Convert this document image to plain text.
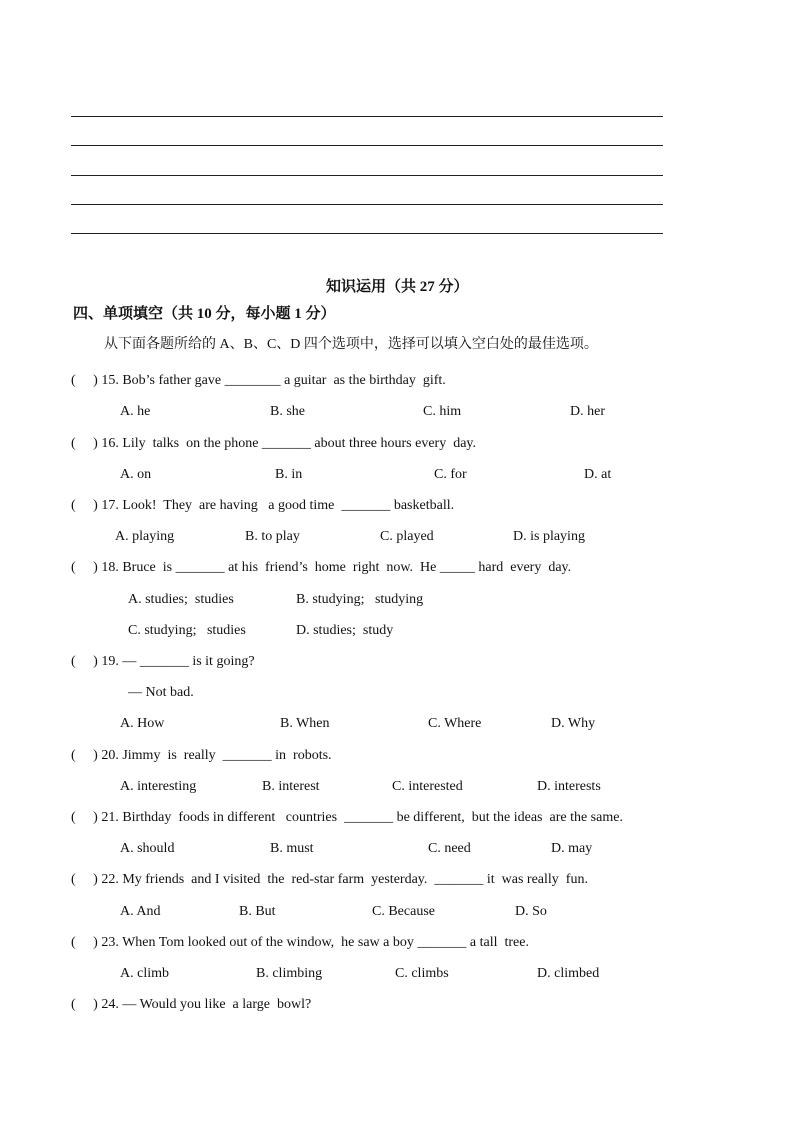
知识运用（共 27 分）
四、单项填空（共 10 分，每小题 1 分）
从下面各题所给的 A、B、C、D 四个选项中，选择可以填入空白处的最佳选项。
(     ) 15. Bob’s father gave ________ a guitar  as the birthday  gift.
A. he	B. she	C. him	D. her
(     ) 16. Lily  talks  on the phone _______ about three hours every  day.
A. on	B. in	C. for	D. at
(     ) 17. Look!  They  are having   a good time  _______ basketball.
A. playing	B. to play	C. played	D. is playing
(     ) 18. Bruce  is _______ at his  friend’s  home  right  now.  He _____ hard  every  day.
A. studies;  studies	B. studying;   studying
C. studying;   studies	D. studies;  study
(     ) 19. — _______ is it going?
— Not bad.
A. How	B. When	C. Where	D. Why
(     ) 20. Jimmy  is  really  _______ in  robots.
A. interesting	B. interest	C. interested	D. interests
(     ) 21. Birthday  foods in different   countries  _______ be different,  but the ideas  are the same.
A. should	B. must	C. need	D. may
(     ) 22. My friends  and I visited  the  red-star farm  yesterday.  _______ it  was really  fun.
A. And	B. But	C. Because	D. So
(     ) 23. When Tom looked out of the window,  he saw a boy _______ a tall  tree.
A. climb	B. climbing	C. climbs	D. climbed
(     ) 24. — Would you like  a large  bowl?
